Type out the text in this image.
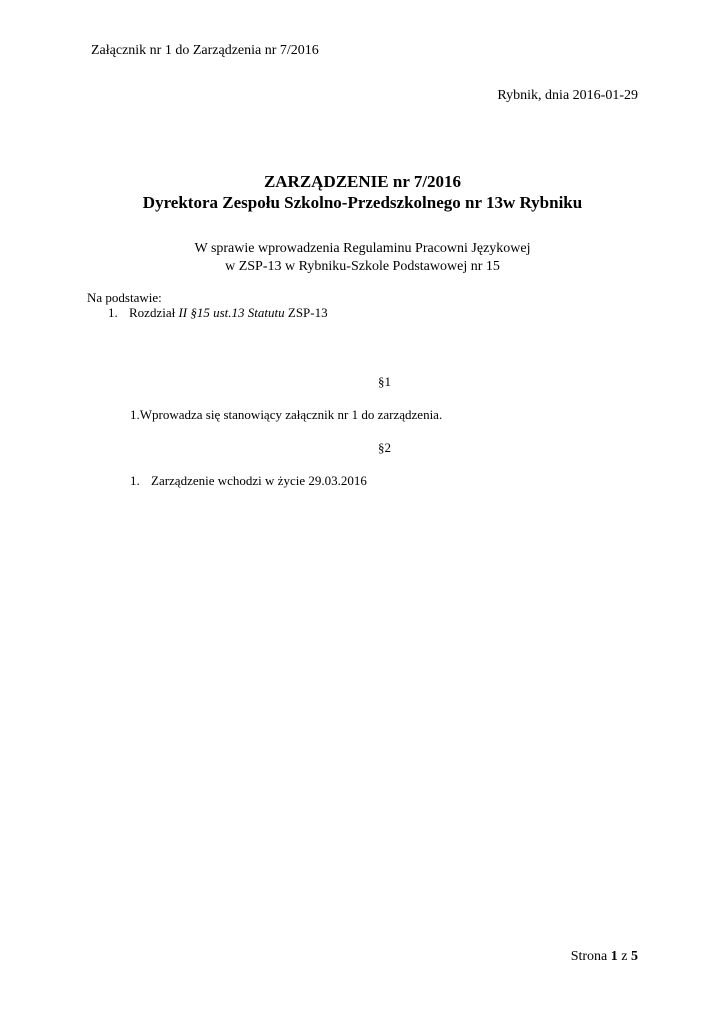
Załącznik nr 1 do Zarządzenia nr 7/2016
Rybnik, dnia 2016-01-29
ZARZĄDZENIE nr 7/2016
Dyrektora Zespołu Szkolno-Przedszkolnego nr 13w Rybniku
W sprawie wprowadzenia Regulaminu Pracowni Językowej
w ZSP-13 w Rybniku-Szkole Podstawowej nr 15
Na podstawie:
1. Rozdział II §15 ust.13 Statutu ZSP-13
§1
1.Wprowadza się stanowiący załącznik nr 1 do zarządzenia.
§2
1. Zarządzenie wchodzi w życie 29.03.2016
Strona 1 z 5
